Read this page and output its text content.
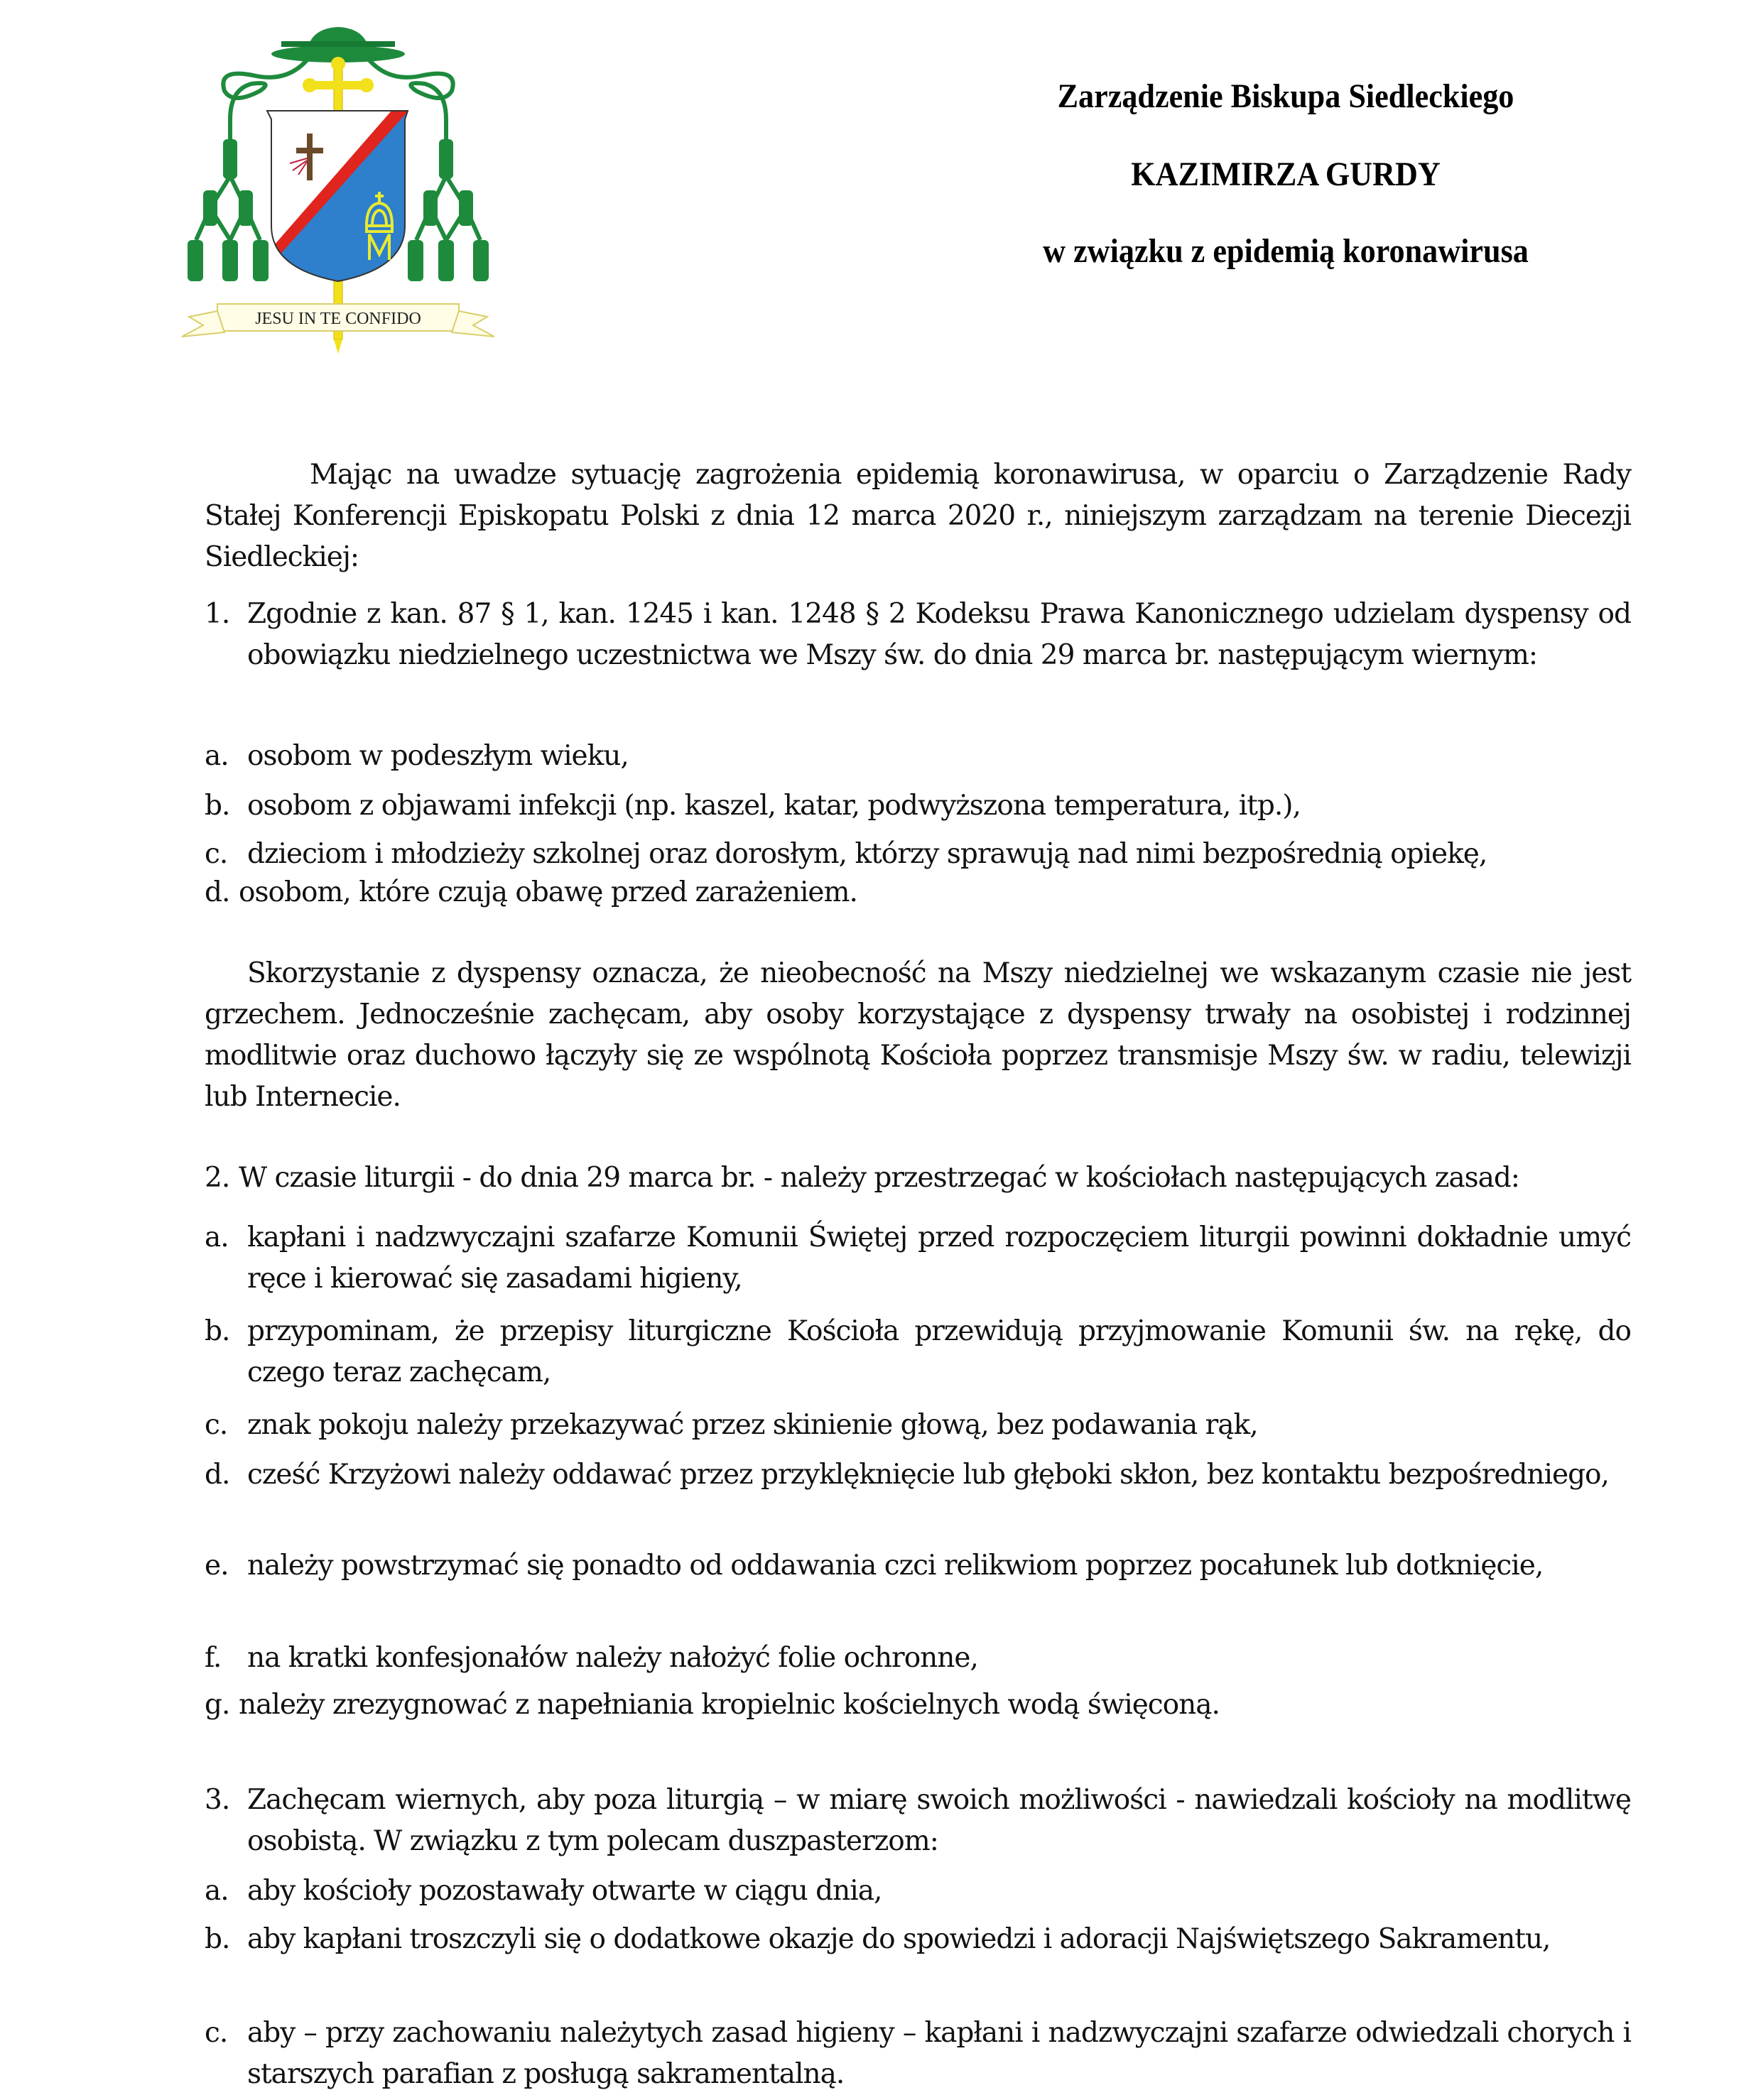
JESU IN TE CONFIDO
Zarządzenie Biskupa Siedleckiego
KAZIMIRZA GURDY
w związku z epidemią koronawirusa

Mając na uwadze sytuację zagrożenia epidemią koronawirusa, w oparciu o Zarządzenie Rady Stałej Konferencji Episkopatu Polski z dnia 12 marca 2020 r., niniejszym zarządzam na terenie Diecezji Siedleckiej:

1. Zgodnie z kan. 87 § 1, kan. 1245 i kan. 1248 § 2 Kodeksu Prawa Kanonicznego udzielam dyspensy od obowiązku niedzielnego uczestnictwa we Mszy św. do dnia 29 marca br. następującym wiernym:
a. osobom w podeszłym wieku,
b. osobom z objawami infekcji (np. kaszel, katar, podwyższona temperatura, itp.),
c. dzieciom i młodzieży szkolnej oraz dorosłym, którzy sprawują nad nimi bezpośrednią opiekę,
d. osobom, które czują obawę przed zarażeniem.

Skorzystanie z dyspensy oznacza, że nieobecność na Mszy niedzielnej we wskazanym czasie nie jest grzechem. Jednocześnie zachęcam, aby osoby korzystające z dyspensy trwały na osobistej i rodzinnej modlitwie oraz duchowo łączyły się ze wspólnotą Kościoła poprzez transmisje Mszy św. w radiu, telewizji lub Internecie.

2. W czasie liturgii - do dnia 29 marca br. - należy przestrzegać w kościołach następujących zasad:
a. kapłani i nadzwyczajni szafarze Komunii Świętej przed rozpoczęciem liturgii powinni dokładnie umyć ręce i kierować się zasadami higieny,
b. przypominam, że przepisy liturgiczne Kościoła przewidują przyjmowanie Komunii św. na rękę, do czego teraz zachęcam,
c. znak pokoju należy przekazywać przez skinienie głową, bez podawania rąk,
d. cześć Krzyżowi należy oddawać przez przyklęknięcie lub głęboki skłon, bez kontaktu bezpośredniego,
e. należy powstrzymać się ponadto od oddawania czci relikwiom poprzez pocałunek lub dotknięcie,
f. na kratki konfesjonałów należy nałożyć folie ochronne,
g. należy zrezygnować z napełniania kropielnic kościelnych wodą święconą.
3. Zachęcam wiernych, aby poza liturgią – w miarę swoich możliwości - nawiedzali kościoły na modlitwę osobistą. W związku z tym polecam duszpasterzom:
a. aby kościoły pozostawały otwarte w ciągu dnia,
b. aby kapłani troszczyli się o dodatkowe okazje do spowiedzi i adoracji Najświętszego Sakramentu,
c. aby – przy zachowaniu należytych zasad higieny – kapłani i nadzwyczajni szafarze odwiedzali chorych i starszych parafian z posługą sakramentalną.
